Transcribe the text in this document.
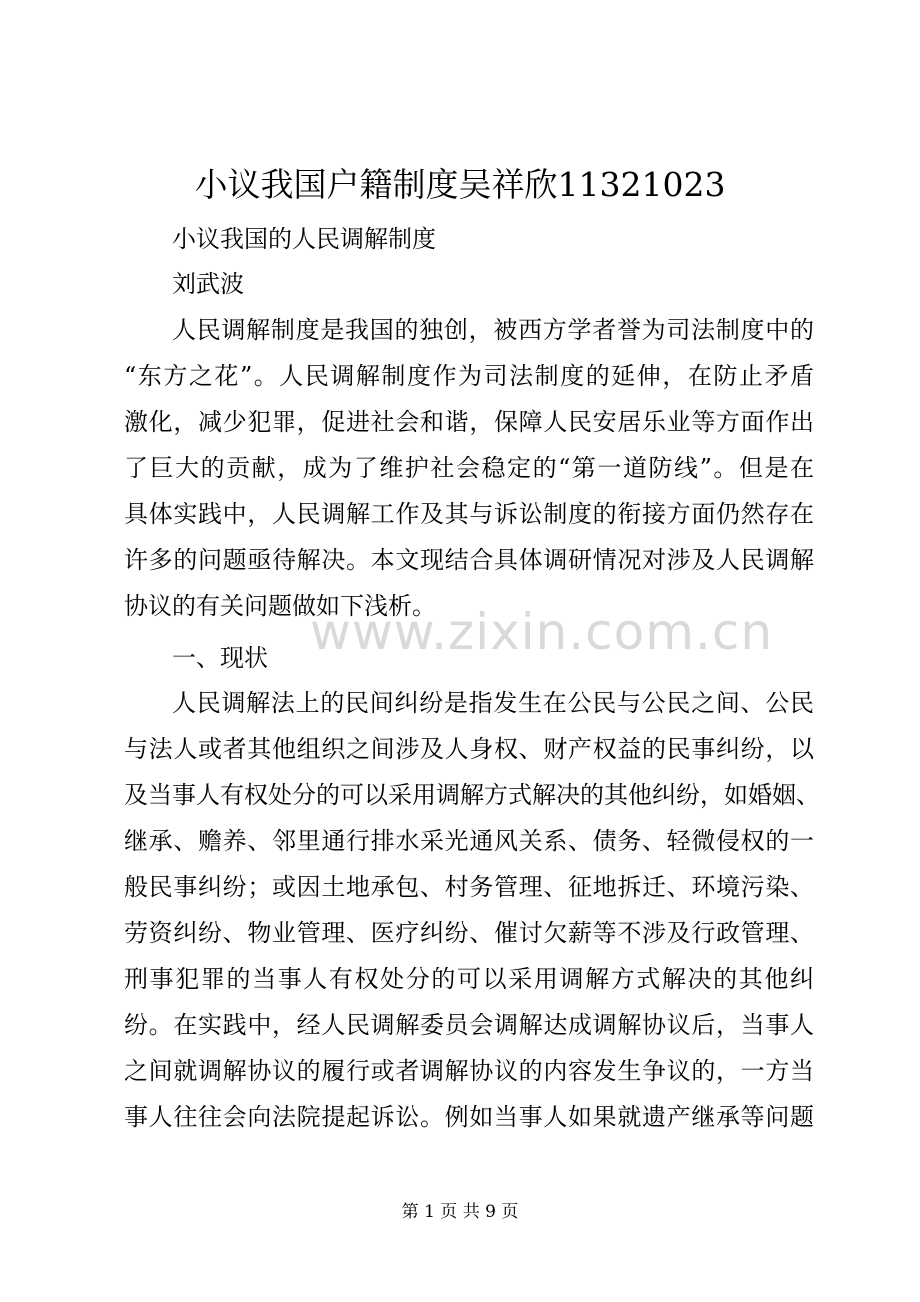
小议我国户籍制度吴祥欣11321023
小议我国的人民调解制度
刘武波
人民调解制度是我国的独创，被西方学者誉为司法制度中的
“东方之花”。人民调解制度作为司法制度的延伸，在防止矛盾
激化，减少犯罪，促进社会和谐，保障人民安居乐业等方面作出
了巨大的贡献，成为了维护社会稳定的“第一道防线”。但是在
具体实践中，人民调解工作及其与诉讼制度的衔接方面仍然存在
许多的问题亟待解决。本文现结合具体调研情况对涉及人民调解
协议的有关问题做如下浅析。
一、现状
人民调解法上的民间纠纷是指发生在公民与公民之间、公民
与法人或者其他组织之间涉及人身权、财产权益的民事纠纷，以
及当事人有权处分的可以采用调解方式解决的其他纠纷，如婚姻、
继承、赡养、邻里通行排水采光通风关系、债务、轻微侵权的一
般民事纠纷；或因土地承包、村务管理、征地拆迁、环境污染、
劳资纠纷、物业管理、医疗纠纷、催讨欠薪等不涉及行政管理、
刑事犯罪的当事人有权处分的可以采用调解方式解决的其他纠
纷。在实践中，经人民调解委员会调解达成调解协议后，当事人
之间就调解协议的履行或者调解协议的内容发生争议的，一方当
事人往往会向法院提起诉讼。例如当事人如果就遗产继承等问题
www.zixin.com.cn
第 1 页 共 9 页
